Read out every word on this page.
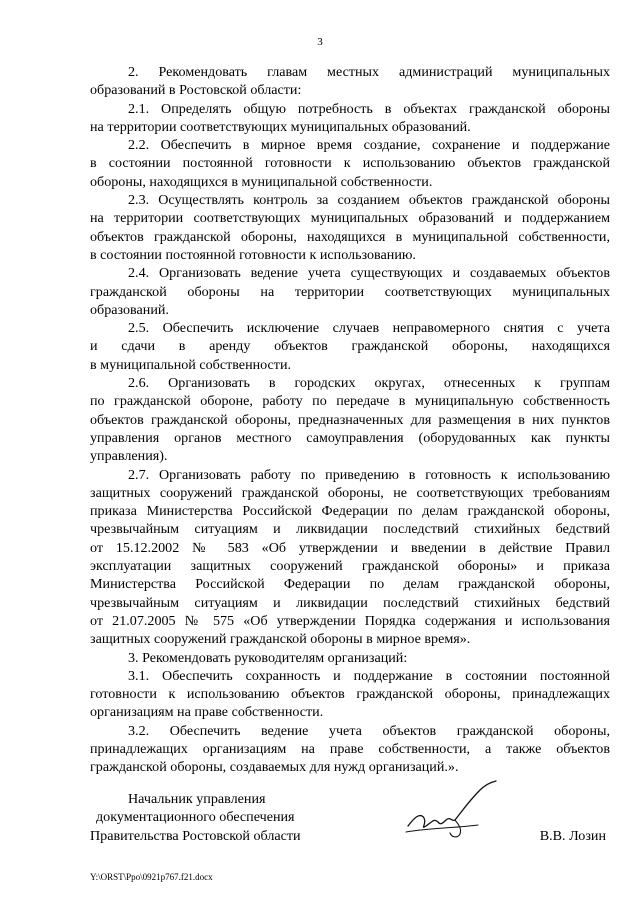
3
2. Рекомендовать главам местных администраций муниципальных
образований в Ростовской области:
2.1. Определять общую потребность в объектах гражданской обороны
на территории соответствующих муниципальных образований.
2.2. Обеспечить в мирное время создание, сохранение и поддержание
в состоянии постоянной готовности к использованию объектов гражданской
обороны, находящихся в муниципальной собственности.
2.3. Осуществлять контроль за созданием объектов гражданской обороны
на территории соответствующих муниципальных образований и поддержанием
объектов гражданской обороны, находящихся в муниципальной собственности,
в состоянии постоянной готовности к использованию.
2.4. Организовать ведение учета существующих и создаваемых объектов
гражданской обороны на территории соответствующих муниципальных
образований.
2.5. Обеспечить исключение случаев неправомерного снятия с учета
и сдачи в аренду объектов гражданской обороны, находящихся
в муниципальной собственности.
2.6. Организовать в городских округах, отнесенных к группам
по гражданской обороне, работу по передаче в муниципальную собственность
объектов гражданской обороны, предназначенных для размещения в них пунктов
управления органов местного самоуправления (оборудованных как пункты
управления).
2.7. Организовать работу по приведению в готовность к использованию
защитных сооружений гражданской обороны, не соответствующих требованиям
приказа Министерства Российской Федерации по делам гражданской обороны,
чрезвычайным ситуациям и ликвидации последствий стихийных бедствий
от 15.12.2002 № 583 «Об утверждении и введении в действие Правил
эксплуатации защитных сооружений гражданской обороны» и приказа
Министерства Российской Федерации по делам гражданской обороны,
чрезвычайным ситуациям и ликвидации последствий стихийных бедствий
от 21.07.2005 № 575 «Об утверждении Порядка содержания и использования
защитных сооружений гражданской обороны в мирное время».
3. Рекомендовать руководителям организаций:
3.1. Обеспечить сохранность и поддержание в состоянии постоянной
готовности к использованию объектов гражданской обороны, принадлежащих
организациям на праве собственности.
3.2. Обеспечить ведение учета объектов гражданской обороны,
принадлежащих организациям на праве собственности, а также объектов
гражданской обороны, создаваемых для нужд организаций.».
Начальник управления
документационного обеспечения
Правительства Ростовской области	В.В. Лозин
Y:\ORST\Ppo\0921p767.f21.docx
